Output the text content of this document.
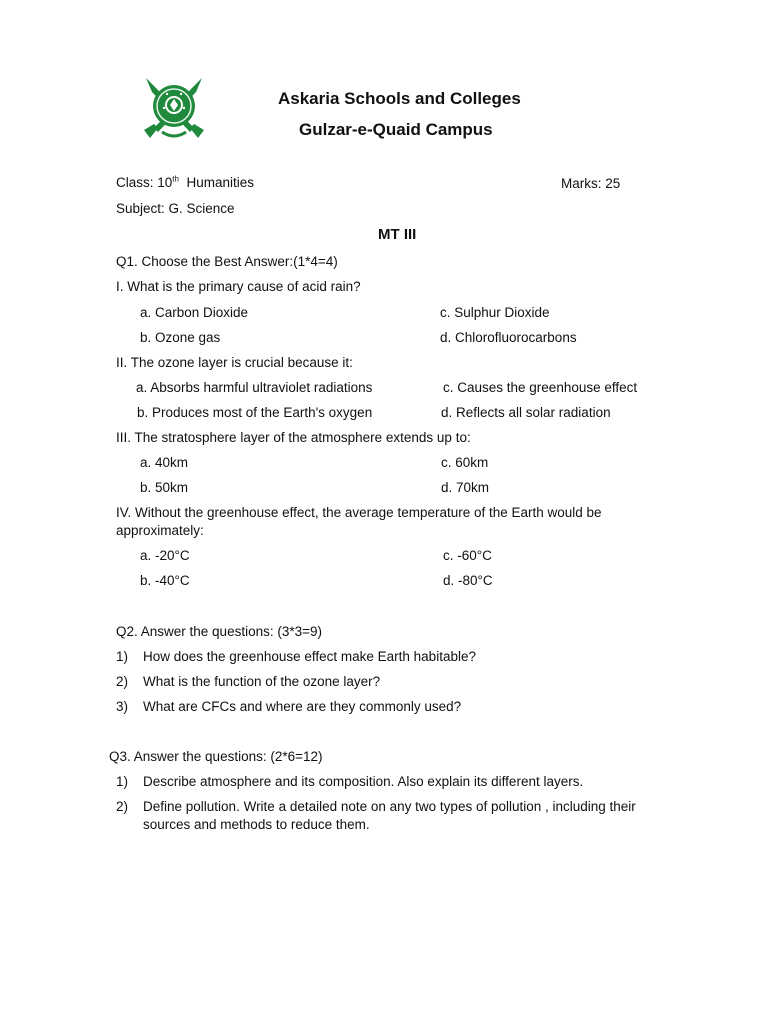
Askaria Schools and Colleges
Gulzar-e-Quaid Campus
Class: 10th Humanities	Marks: 25
Subject: G. Science
MT III
Q1. Choose the Best Answer:(1*4=4)
I. What is the primary cause of acid rain?
a. Carbon Dioxide	c. Sulphur Dioxide
b. Ozone gas	d. Chlorofluorocarbons
II. The ozone layer is crucial because it:
a. Absorbs harmful ultraviolet radiations	c. Causes the greenhouse effect
b. Produces most of the Earth's oxygen	d. Reflects all solar radiation
III. The stratosphere layer of the atmosphere extends up to:
a. 40km	c. 60km
b. 50km	d. 70km
IV. Without the greenhouse effect, the average temperature of the Earth would be approximately:
a. -20°C	c. -60°C
b. -40°C	d. -80°C
Q2. Answer the questions: (3*3=9)
1) How does the greenhouse effect make Earth habitable?
2) What is the function of the ozone layer?
3) What are CFCs and where are they commonly used?
Q3. Answer the questions: (2*6=12)
1) Describe atmosphere and its composition. Also explain its different layers.
2) Define pollution. Write a detailed note on any two types of pollution , including their sources and methods to reduce them.
